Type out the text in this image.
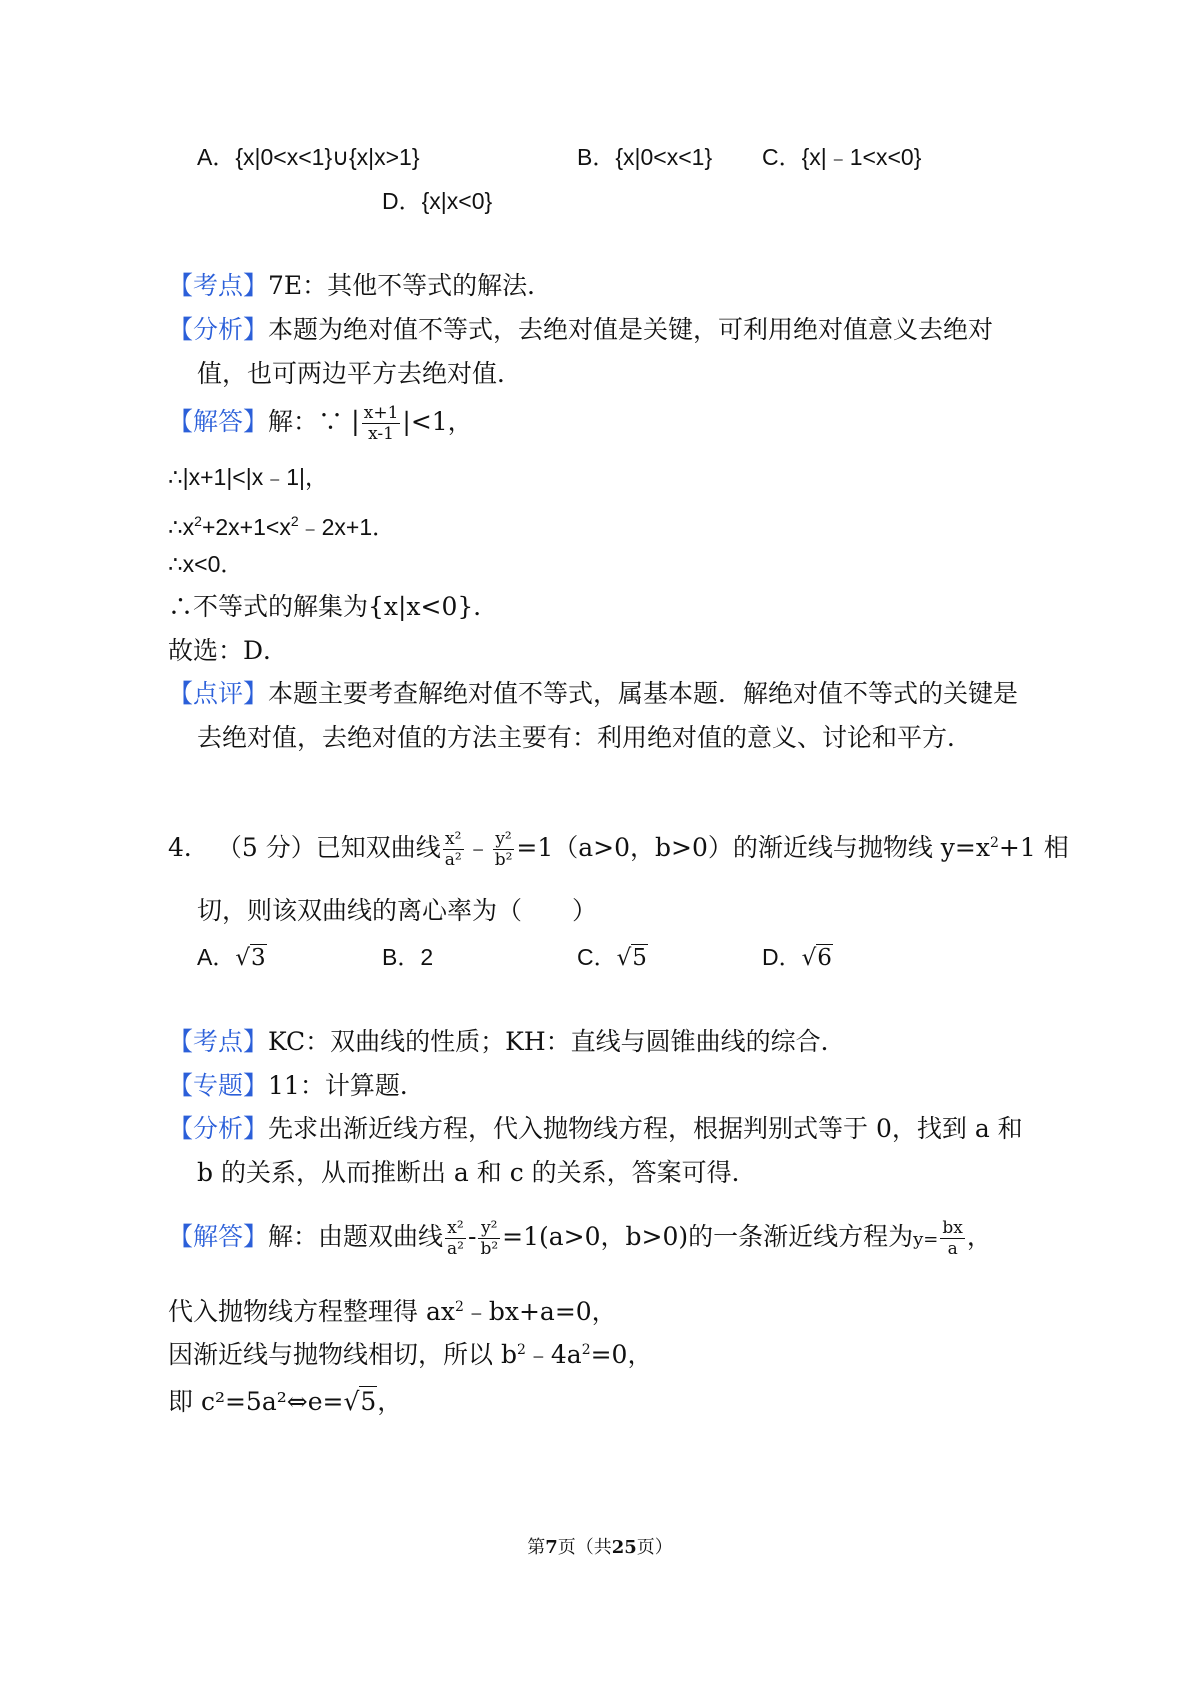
A．{x|0<x<1}∪{x|x>1}	B．{x|0<x<1} C．{x|﹣1<x<0}
D．{x|x<0}
【考点】7E：其他不等式的解法．
【分析】本题为绝对值不等式，去绝对值是关键，可利用绝对值意义去绝对
值，也可两边平方去绝对值．
【解答】解：∵ | $\frac{x+1}{x-1} |<1$，
∴|x+1|<|x﹣1|，
$\therefore x^2+2x+1<x^2﹣2x+1$．
∴x<0．
∴不等式的解集为{x|x<0}．
故选：D．
【点评】本题主要考查解绝对值不等式，属基本题．解绝对值不等式的关键是
去绝对值，去绝对值的方法主要有：利用绝对值的意义、讨论和平方．
4． （5 分）已知双曲线 $\frac{\text{x²}}{\text{a²}}$ ﹣ $\frac{\text{y²}}{\text{b²}} =1(a>0$，b>0）的渐近线与抛物线 $y=x^2+1$ 相
切，则该双曲线的离心率为（　　）
A．√3	B．2	C．√5	D．√6
【考点】KC：双曲线的性质；KH：直线与圆锥曲线的综合．
【专题】11：计算题．
【分析】先求出渐近线方程，代入抛物线方程，根据判别式等于 0，找到 a 和
b 的关系，从而推断出 a 和 c 的关系，答案可得．
【解答】解：由题双曲线 $\frac{\text{x²}}{\text{a²}} - \frac{\text{y²}}{\text{b²}} =1(a>0$，b>0)的一条渐近线方程为$y= \frac{bx}{a}$ ，
代入抛物线方程整理得 $ax^2﹣bx+a=0$，
因渐近线与抛物线相切，所以 $b^2﹣4a^2=0$，
即 c²=5a²⇔e=√5，
第7页（共25页）
